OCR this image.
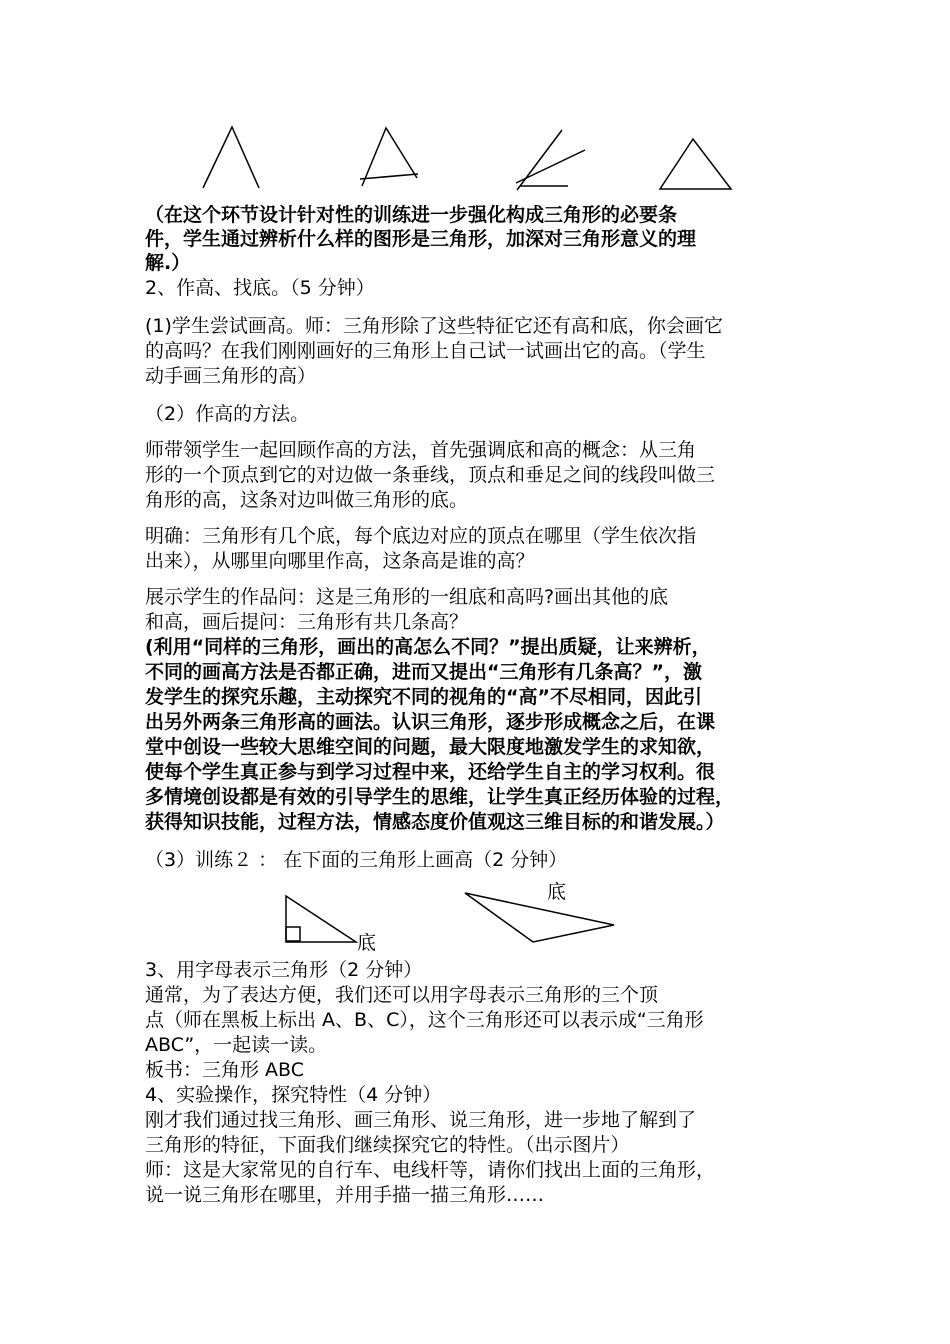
（在这个环节设计针对性的训练进一步强化构成三角形的必要条
件，学生通过辨析什么样的图形是三角形，加深对三角形意义的理
解.）
2、作高、找底。（5 分钟）
(1)学生尝试画高。师：三角形除了这些特征它还有高和底，你会画它
的高吗？在我们刚刚画好的三角形上自己试一试画出它的高。（学生
动手画三角形的高）
（2）作高的方法。
师带领学生一起回顾作高的方法，首先强调底和高的概念：从三角
形的一个顶点到它的对边做一条垂线，顶点和垂足之间的线段叫做三
角形的高，这条对边叫做三角形的底。
明确：三角形有几个底，每个底边对应的顶点在哪里（学生依次指
出来），从哪里向哪里作高，这条高是谁的高？
展示学生的作品问：这是三角形的一组底和高吗?画出其他的底
和高，画后提问：三角形有共几条高？
(利用“同样的三角形，画出的高怎么不同？”提出质疑，让来辨析，
不同的画高方法是否都正确，进而又提出“三角形有几条高？”，激
发学生的探究乐趣，主动探究不同的视角的“高”不尽相同，因此引
出另外两条三角形高的画法。认识三角形，逐步形成概念之后，在课
堂中创设一些较大思维空间的问题，最大限度地激发学生的求知欲，
使每个学生真正参与到学习过程中来，还给学生自主的学习权利。很
多情境创设都是有效的引导学生的思维，让学生真正经历体验的过程，
获得知识技能，过程方法，情感态度价值观这三维目标的和谐发展。）
（3）训练２ ： 在下面的三角形上画高（2 分钟）
底
底
3、用字母表示三角形（2 分钟）
通常，为了表达方便，我们还可以用字母表示三角形的三个顶
点（师在黑板上标出 A、B、C），这个三角形还可以表示成“三角形
ABC”，一起读一读。
板书：三角形 ABC
4、实验操作，探究特性（4 分钟）
刚才我们通过找三角形、画三角形、说三角形，进一步地了解到了
三角形的特征，下面我们继续探究它的特性。（出示图片）
师：这是大家常见的自行车、电线杆等，请你们找出上面的三角形，
说一说三角形在哪里，并用手描一描三角形……
